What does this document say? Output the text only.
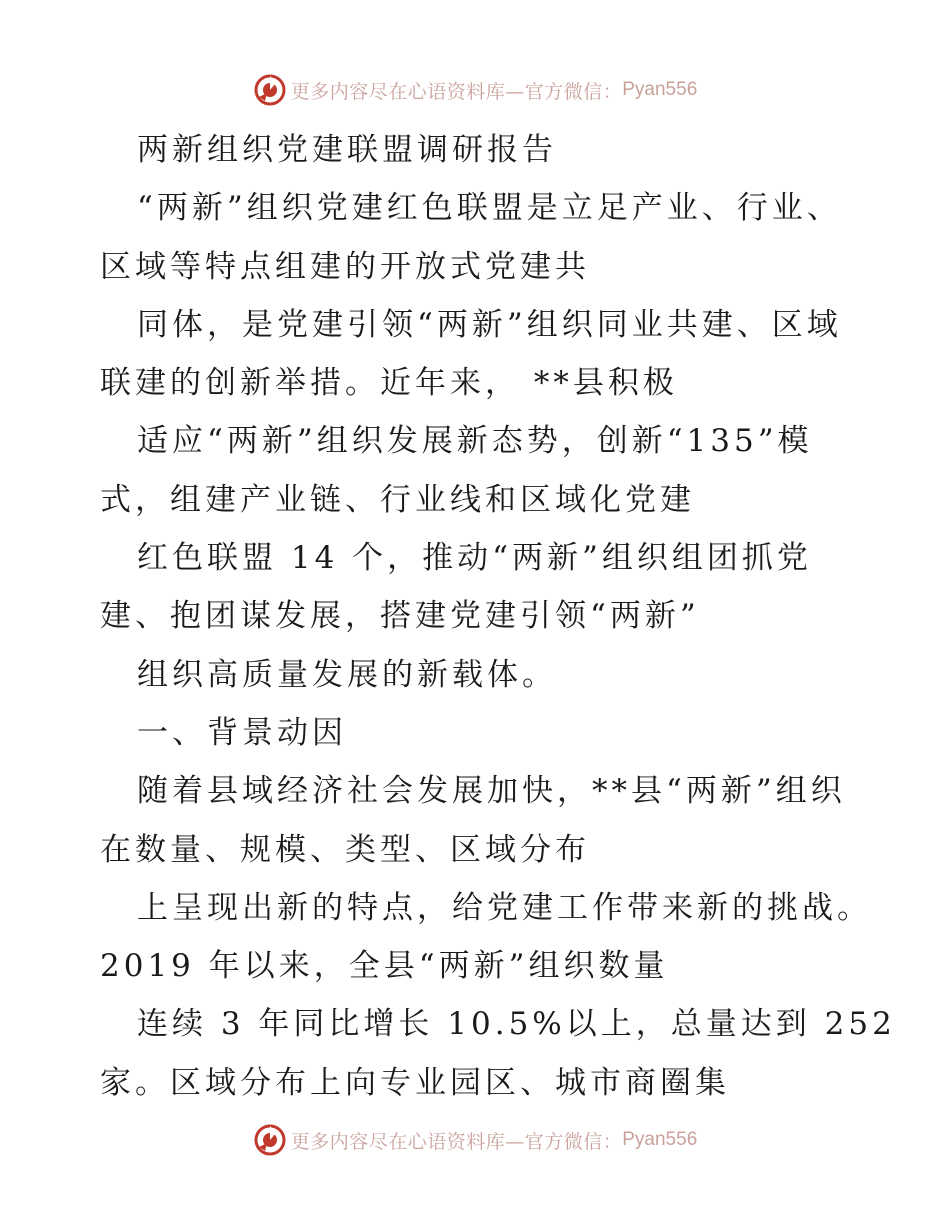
更多内容尽在心语资料库—官方微信： Pyan556
两新组织党建联盟调研报告
“两新”组织党建红色联盟是立足产业、行业、
区域等特点组建的开放式党建共
同体，是党建引领“两新”组织同业共建、区域
联建的创新举措。近年来， **县积极
适应“两新”组织发展新态势，创新“135”模
式，组建产业链、行业线和区域化党建
红色联盟 14 个，推动“两新”组织组团抓党
建、抱团谋发展，搭建党建引领“两新”
组织高质量发展的新载体。
一、背景动因
随着县域经济社会发展加快，**县“两新”组织
在数量、规模、类型、区域分布
上呈现出新的特点，给党建工作带来新的挑战。
2019 年以来，全县“两新”组织数量
连续 3 年同比增长 10.5%以上，总量达到 252
家。区域分布上向专业园区、城市商圈集
更多内容尽在心语资料库—官方微信： Pyan556
